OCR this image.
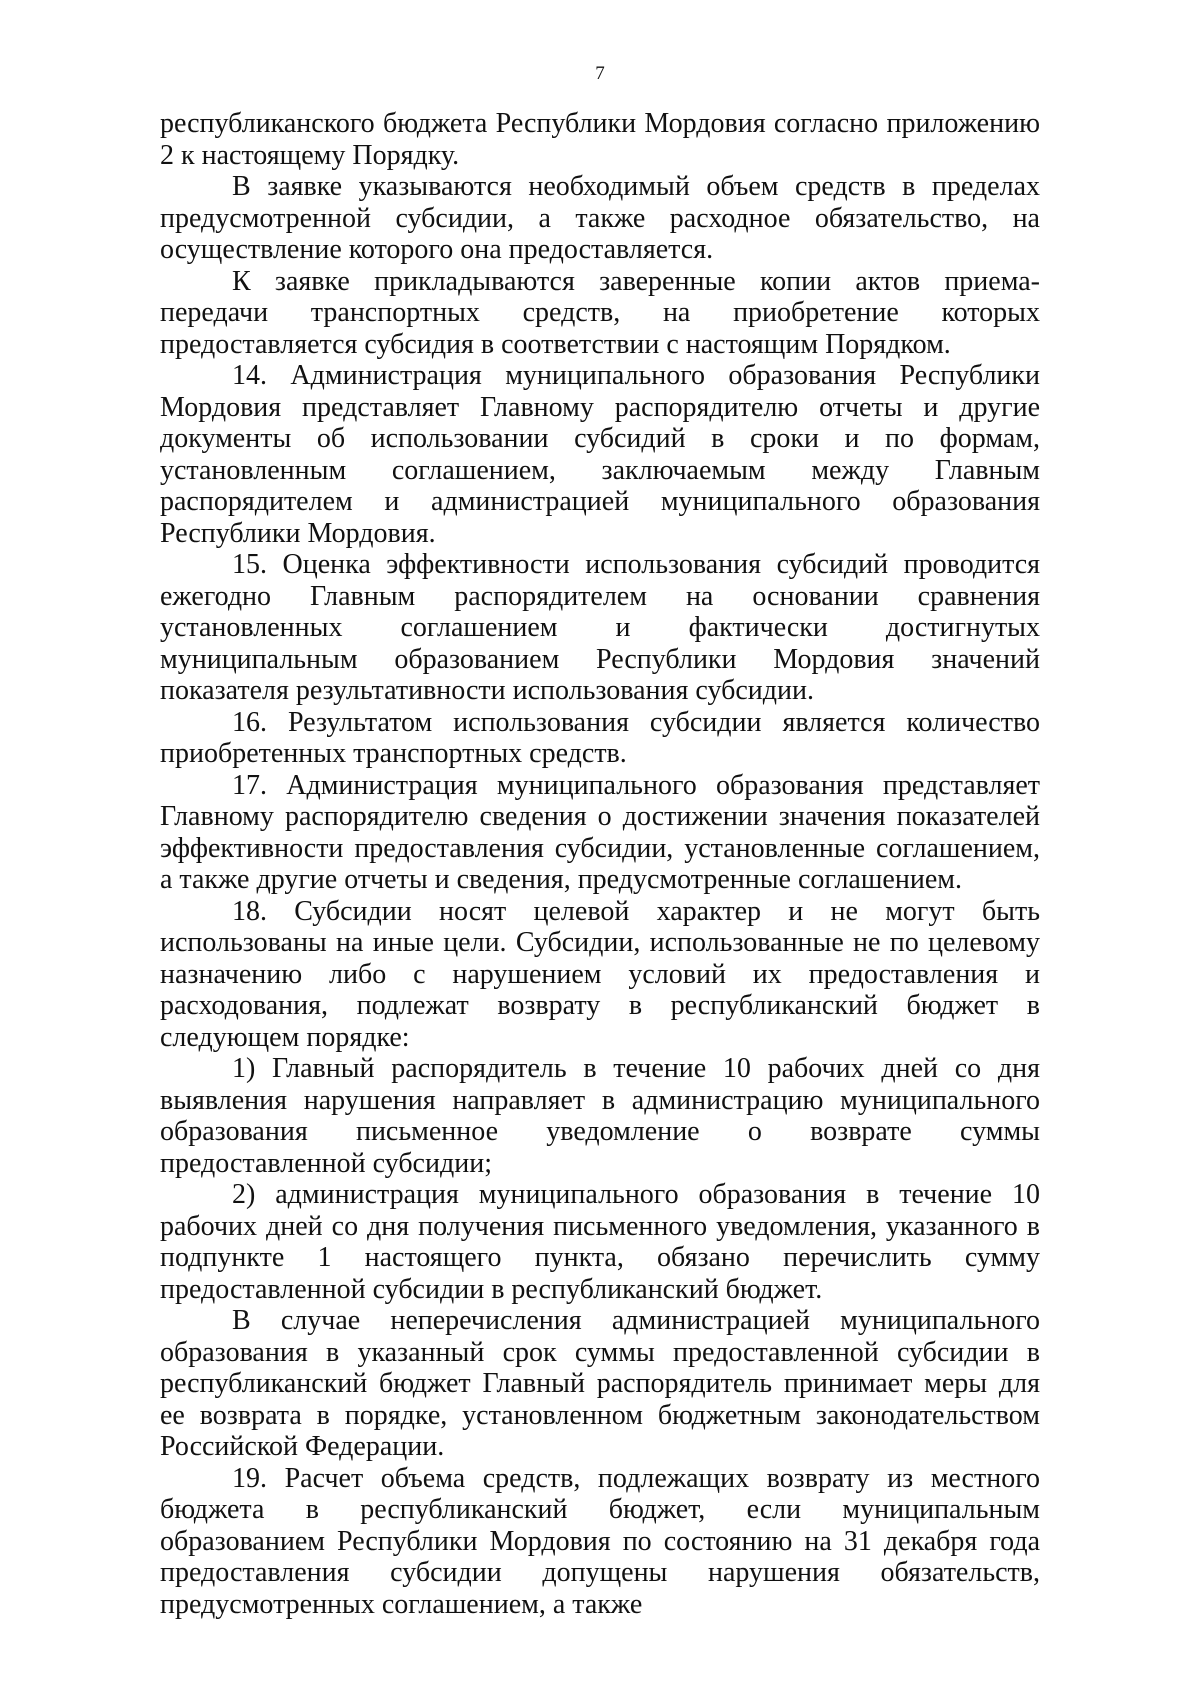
7

республиканского бюджета Республики Мордовия согласно приложению 2 к настоящему Порядку.

В заявке указываются необходимый объем средств в пределах предусмотренной субсидии, а также расходное обязательство, на осуществление которого она предоставляется.

К заявке прикладываются заверенные копии актов приема-передачи транспортных средств, на приобретение которых предоставляется субсидия в соответствии с настоящим Порядком.

14. Администрация муниципального образования Республики Мордовия представляет Главному распорядителю отчеты и другие документы об использовании субсидий в сроки и по формам, установленным соглашением, заключаемым между Главным распорядителем и администрацией муниципального образования Республики Мордовия.

15. Оценка эффективности использования субсидий проводится ежегодно Главным распорядителем на основании сравнения установленных соглашением и фактически достигнутых муниципальным образованием Республики Мордовия значений показателя результативности использования субсидии.

16. Результатом использования субсидии является количество приобретенных транспортных средств.

17. Администрация муниципального образования представляет Главному распорядителю сведения о достижении значения показателей эффективности предоставления субсидии, установленные соглашением, а также другие отчеты и сведения, предусмотренные соглашением.

18. Субсидии носят целевой характер и не могут быть использованы на иные цели. Субсидии, использованные не по целевому назначению либо с нарушением условий их предоставления и расходования, подлежат возврату в республиканский бюджет в следующем порядке:

1) Главный распорядитель в течение 10 рабочих дней со дня выявления нарушения направляет в администрацию муниципального образования письменное уведомление о возврате суммы предоставленной субсидии;

2) администрация муниципального образования в течение 10 рабочих дней со дня получения письменного уведомления, указанного в подпункте 1 настоящего пункта, обязано перечислить сумму предоставленной субсидии в республиканский бюджет.

В случае неперечисления администрацией муниципального образования в указанный срок суммы предоставленной субсидии в республиканский бюджет Главный распорядитель принимает меры для ее возврата в порядке, установленном бюджетным законодательством Российской Федерации.

19. Расчет объема средств, подлежащих возврату из местного бюджета в республиканский бюджет, если муниципальным образованием Республики Мордовия по состоянию на 31 декабря года предоставления субсидии допущены нарушения обязательств, предусмотренных соглашением, а также
